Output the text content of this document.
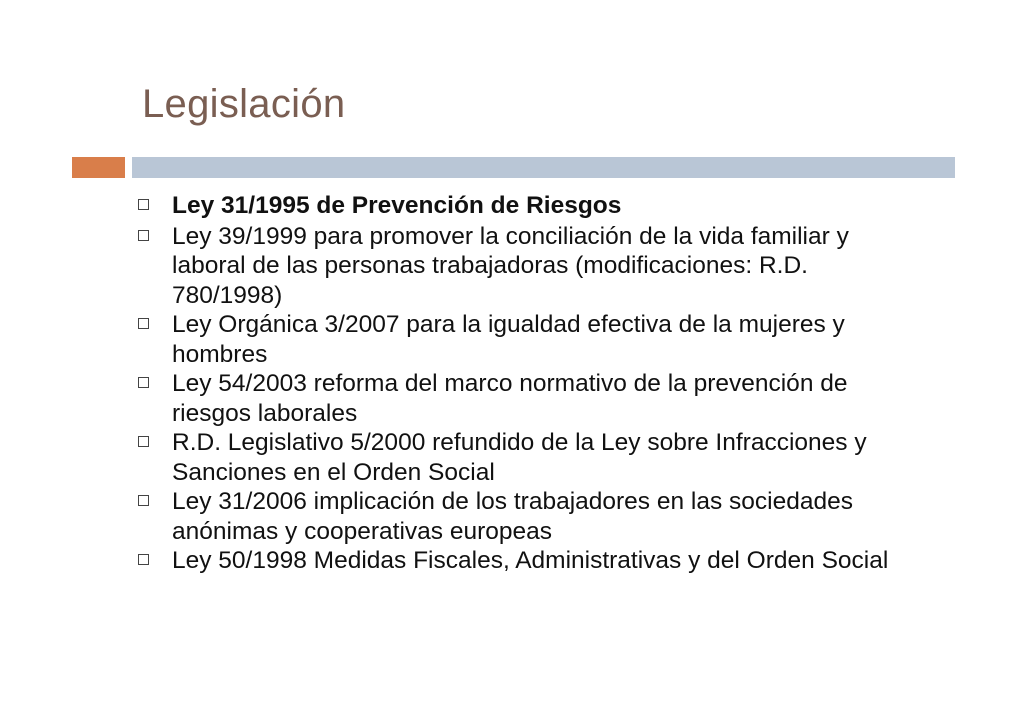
Legislación
Ley 31/1995 de Prevención de Riesgos
Ley 39/1999 para promover la conciliación de la vida familiar y laboral de las personas trabajadoras (modificaciones: R.D. 780/1998)
Ley Orgánica 3/2007 para la igualdad efectiva de la mujeres y hombres
Ley 54/2003 reforma del marco normativo de la prevención de riesgos laborales
R.D. Legislativo 5/2000 refundido de la Ley sobre Infracciones y Sanciones en el Orden Social
Ley 31/2006 implicación de los trabajadores en las sociedades anónimas y cooperativas europeas
Ley 50/1998 Medidas Fiscales, Administrativas y del Orden Social
